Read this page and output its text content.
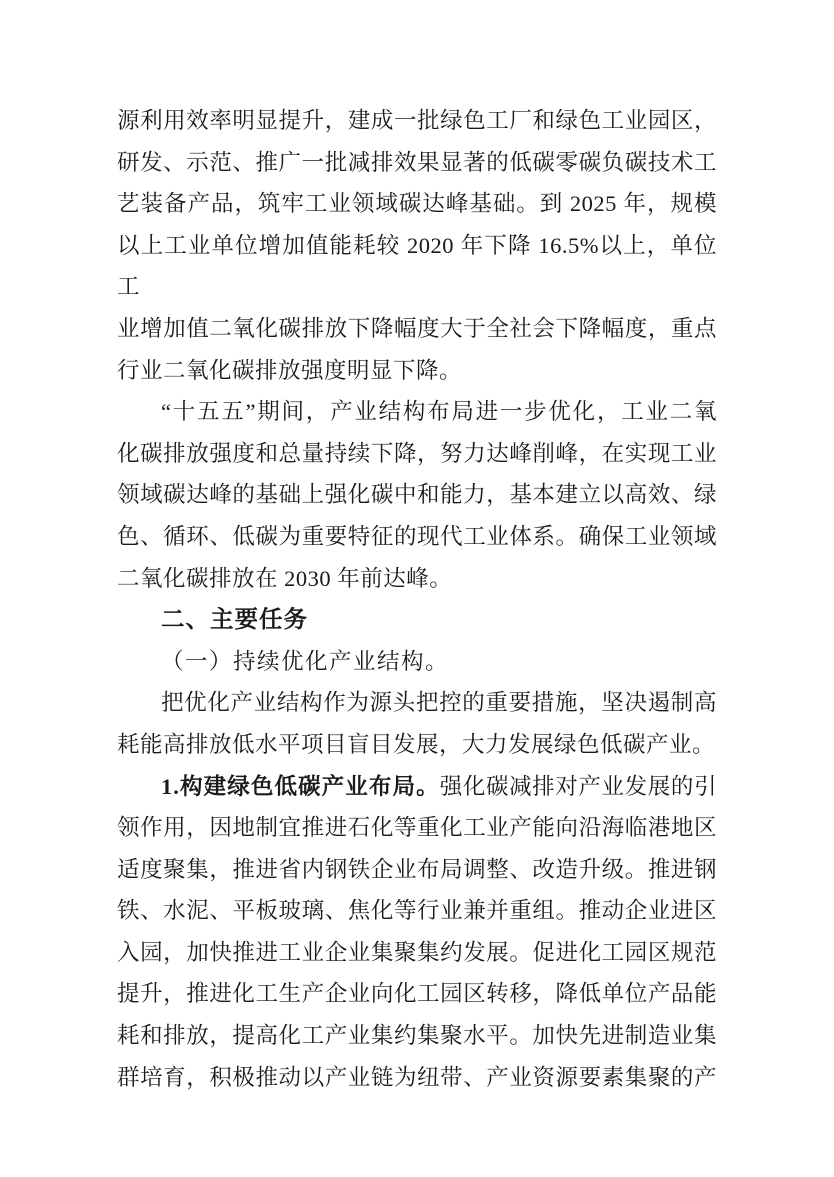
源利用效率明显提升，建成一批绿色工厂和绿色工业园区，
研发、示范、推广一批减排效果显著的低碳零碳负碳技术工
艺装备产品，筑牢工业领域碳达峰基础。到 2025 年，规模
以上工业单位增加值能耗较 2020 年下降 16.5%以上，单位工
业增加值二氧化碳排放下降幅度大于全社会下降幅度，重点
行业二氧化碳排放强度明显下降。
“十五五”期间，产业结构布局进一步优化，工业二氧
化碳排放强度和总量持续下降，努力达峰削峰，在实现工业
领域碳达峰的基础上强化碳中和能力，基本建立以高效、绿
色、循环、低碳为重要特征的现代工业体系。确保工业领域
二氧化碳排放在 2030 年前达峰。
二、主要任务
（一）持续优化产业结构。
把优化产业结构作为源头把控的重要措施，坚决遏制高
耗能高排放低水平项目盲目发展，大力发展绿色低碳产业。
1.构建绿色低碳产业布局。强化碳减排对产业发展的引
领作用，因地制宜推进石化等重化工业产能向沿海临港地区
适度聚集，推进省内钢铁企业布局调整、改造升级。推进钢
铁、水泥、平板玻璃、焦化等行业兼并重组。推动企业进区
入园，加快推进工业企业集聚集约发展。促进化工园区规范
提升，推进化工生产企业向化工园区转移，降低单位产品能
耗和排放，提高化工产业集约集聚水平。加快先进制造业集
群培育，积极推动以产业链为纽带、产业资源要素集聚的产
